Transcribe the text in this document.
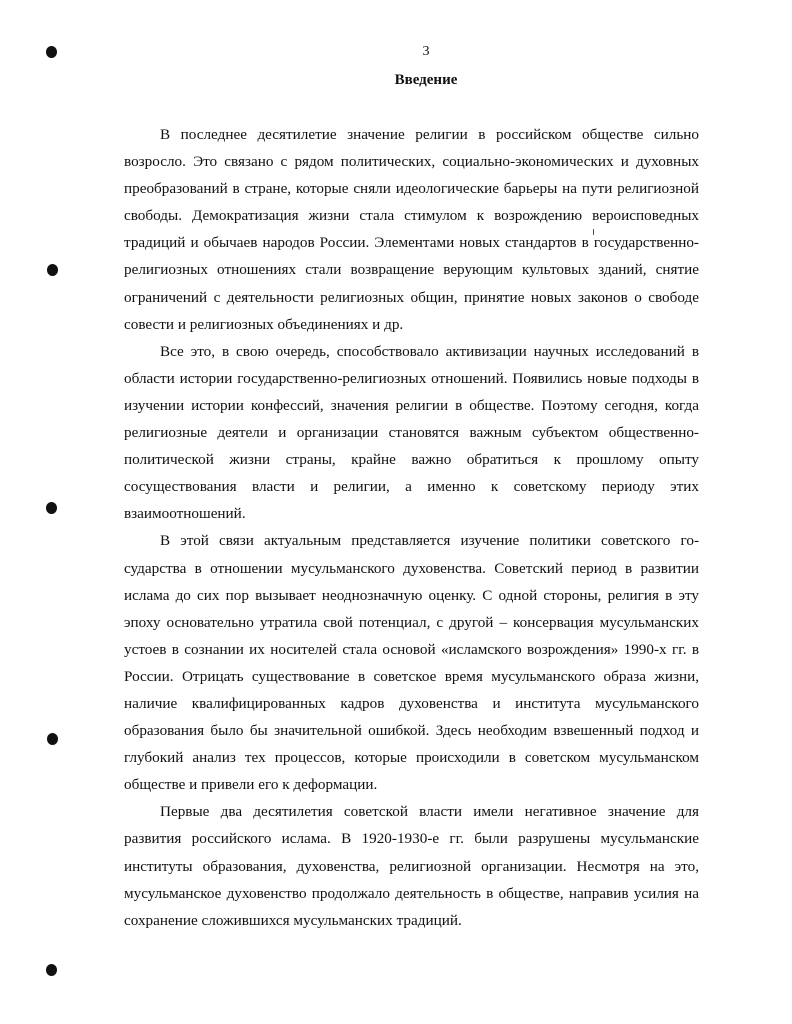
3
Введение

В последнее десятилетие значение религии в российском обществе сильно возросло. Это связано с рядом политических, социально-экономических и духовных преобразований в стране, которые сняли идеологические барьеры на пути религиозной свободы. Демократизация жизни стала стимулом к возрождению вероисповедных традиций и обычаев народов России. Элементами новых стандартов в государственно-религиозных отношениях стали возвращение верующим культовых зданий, снятие ограничений с деятельности религиозных общин, принятие новых законов о свободе совести и религиозных объединениях и др.

Все это, в свою очередь, способствовало активизации научных исследований в области истории государственно-религиозных отношений. Появились новые подходы в изучении истории конфессий, значения религии в обществе. Поэтому сегодня, когда религиозные деятели и организации становятся важным субъектом общественно-политической жизни страны, крайне важно обратиться к прошлому опыту сосуществования власти и религии, а именно к советскому периоду этих взаимоотношений.

В этой связи актуальным представляется изучение политики советского государства в отношении мусульманского духовенства. Советский период в развитии ислама до сих пор вызывает неоднозначную оценку. С одной стороны, религия в эту эпоху основательно утратила свой потенциал, с другой – консервация мусульманских устоев в сознании их носителей стала основой «исламского возрождения» 1990-х гг. в России. Отрицать существование в советское время мусульманского образа жизни, наличие квалифицированных кадров духовенства и института мусульманского образования было бы значительной ошибкой. Здесь необходим взвешенный подход и глубокий анализ тех процессов, которые происходили в советском мусульманском обществе и привели его к деформации.

Первые два десятилетия советской власти имели негативное значение для развития российского ислама. В 1920-1930-е гг. были разрушены мусульманские институты образования, духовенства, религиозной организации. Несмотря на это, мусульманское духовенство продолжало деятельность в обществе, направив усилия на сохранение сложившихся мусульманских традиций.
